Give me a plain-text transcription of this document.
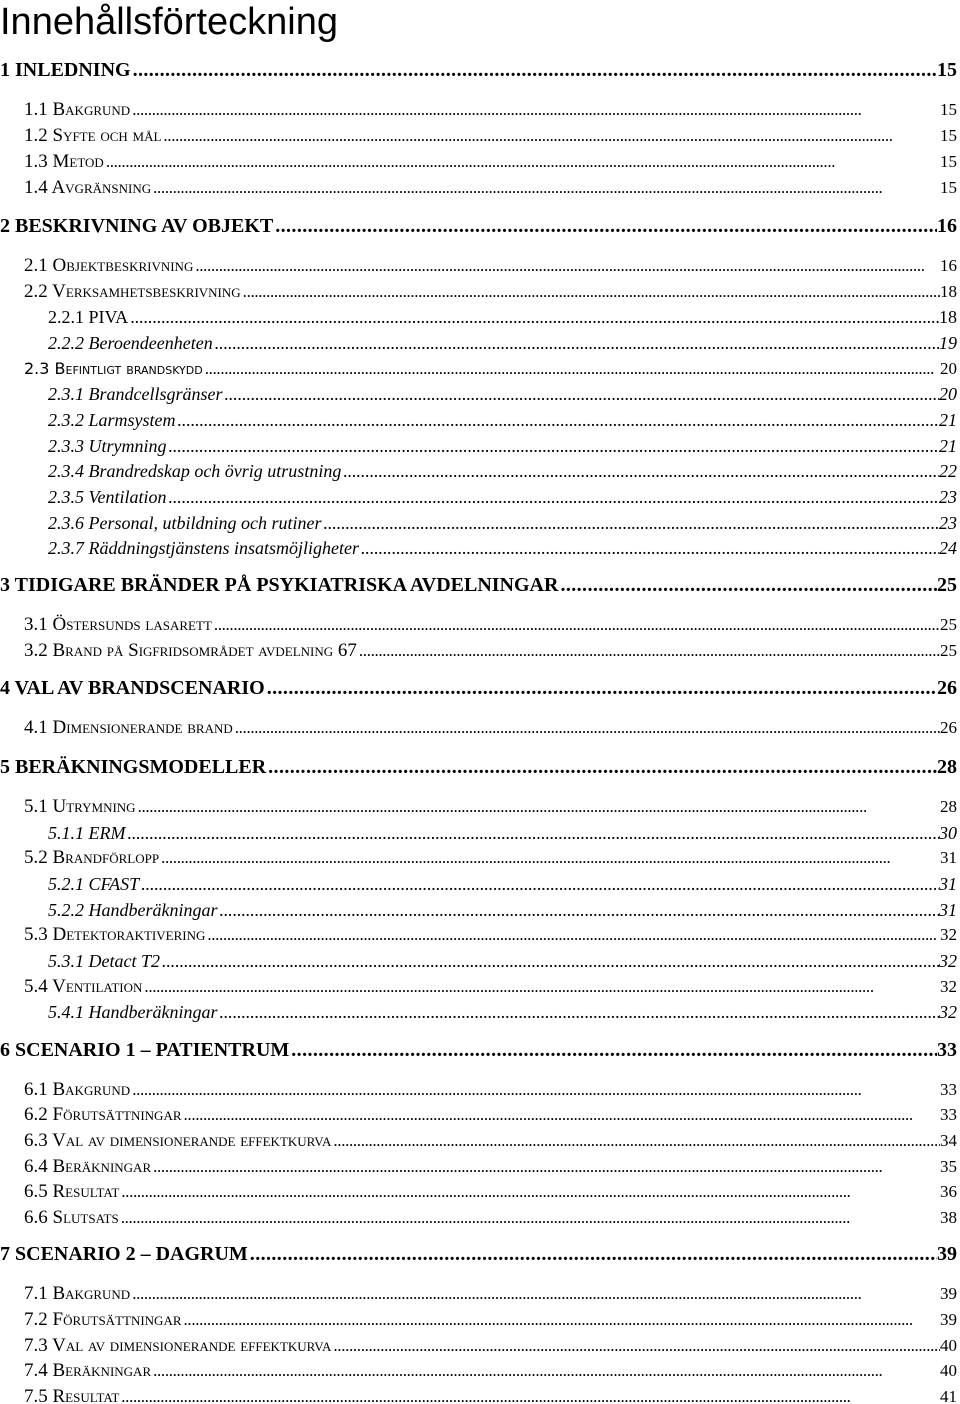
Innehållsförteckning
1 INLEDNING . . .	15
1.1 Bakgrund . . .	15
1.2 Syfte och mål . . .	15
1.3 Metod . . .	15
1.4 Avgränsning . . .	15
2 BESKRIVNING AV OBJEKT . . .	16
2.1 Objektbeskrivning . . .	16
2.2 Verksamhetsbeskrivning . . .	18
2.2.1 PIVA . . .	18
2.2.2 Beroendeenheten . . .	19
2.3 Befintligt brandskydd . . .	20
2.3.1 Brandcellsgränser . . .	20
2.3.2 Larmsystem . . .	21
2.3.3 Utrymning . . .	21
2.3.4 Brandredskap och övrig utrustning . . .	22
2.3.5 Ventilation . . .	23
2.3.6 Personal, utbildning och rutiner . . .	23
2.3.7 Räddningstjänstens insatsmöjligheter . . .	24
3 TIDIGARE BRÄNDER PÅ PSYKIATRISKA AVDELNINGAR . . .	25
3.1 Östersunds lasarett . . .	25
3.2 Brand på Sigfridsområdet avdelning 67 . . .	25
4 VAL AV BRANDSCENARIO . . .	26
4.1 Dimensionerande brand . . .	26
5 BERÄKNINGSMODELLER . . .	28
5.1 Utrymning . . .	28
5.1.1 ERM . . .	30
5.2 Brandförlopp . . .	31
5.2.1 CFAST . . .	31
5.2.2 Handberäkningar . . .	31
5.3 Detektoraktivering . . .	32
5.3.1 Detact T2 . . .	32
5.4 Ventilation . . .	32
5.4.1 Handberäkningar . . .	32
6 SCENARIO 1 – PATIENTRUM . . .	33
6.1 Bakgrund . . .	33
6.2 Förutsättningar . . .	33
6.3 Val av dimensionerande effektkurva . . .	34
6.4 Beräkningar . . .	35
6.5 Resultat . . .	36
6.6 Slutsats . . .	38
7 SCENARIO 2 – DAGRUM . . .	39
7.1 Bakgrund . . .	39
7.2 Förutsättningar . . .	39
7.3 Val av dimensionerande effektkurva . . .	40
7.4 Beräkningar . . .	40
7.5 Resultat . . .	41
